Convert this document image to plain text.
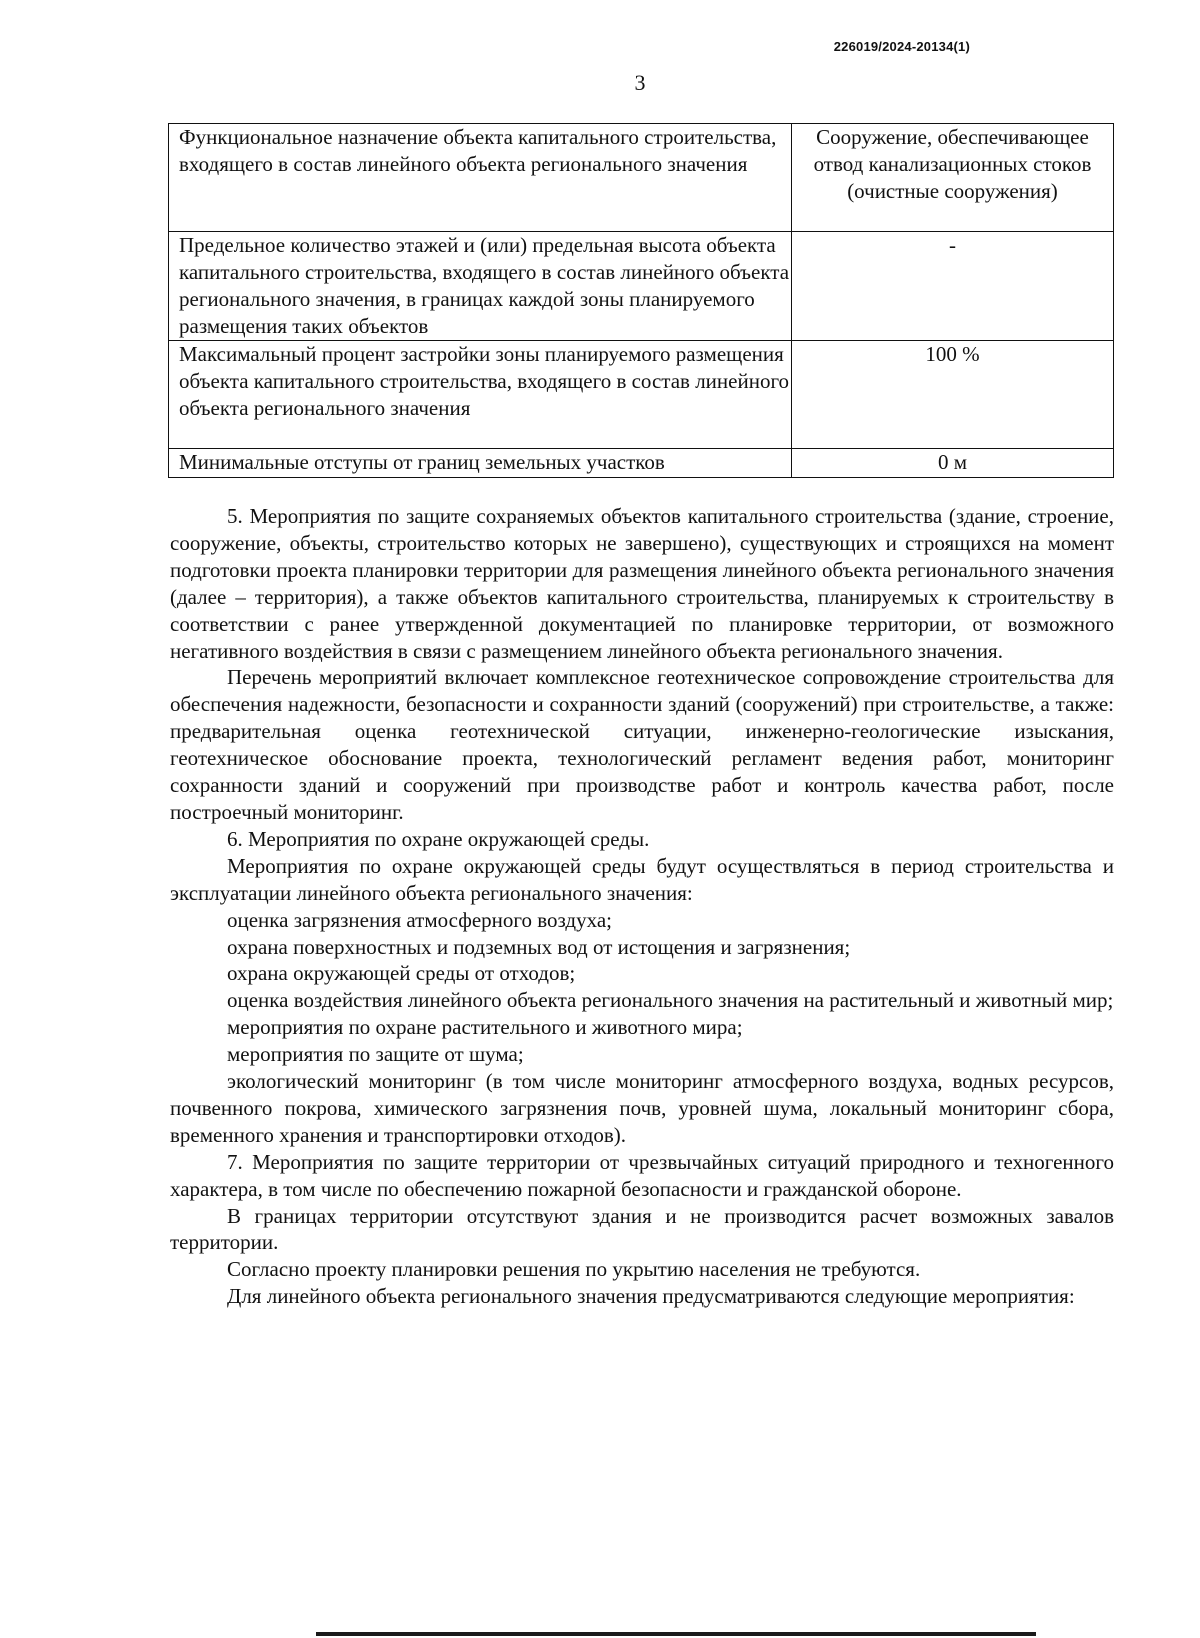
226019/2024-20134(1)
3
Функциональное назначение объекта капитального строительства, входящего в состав линейного объекта регионального значения	Сооружение, обеспечивающее отвод канализационных стоков (очистные сооружения)
Предельное количество этажей и (или) предельная высота объекта капитального строительства, входящего в состав линейного объекта регионального значения, в границах каждой зоны планируемого размещения таких объектов	-
Максимальный процент застройки зоны планируемого размещения объекта капитального строительства, входящего в состав линейного объекта регионального значения	100 %
Минимальные отступы от границ земельных участков	0 м

5. Мероприятия по защите сохраняемых объектов капитального строительства (здание, строение, сооружение, объекты, строительство которых не завершено), существующих и строящихся на момент подготовки проекта планировки территории для размещения линейного объекта регионального значения (далее – территория), а также объектов капитального строительства, планируемых к строительству в соответствии с ранее утвержденной документацией по планировке территории, от возможного негативного воздействия в связи с размещением линейного объекта регионального значения.

Перечень мероприятий включает комплексное геотехническое сопровождение строительства для обеспечения надежности, безопасности и сохранности зданий (сооружений) при строительстве, а также: предварительная оценка геотехнической ситуации, инженерно-геологические изыскания, геотехническое обоснование проекта, технологический регламент ведения работ, мониторинг сохранности зданий и сооружений при производстве работ и контроль качества работ, после построечный мониторинг.

6. Мероприятия по охране окружающей среды.

Мероприятия по охране окружающей среды будут осуществляться в период строительства и эксплуатации линейного объекта регионального значения:

оценка загрязнения атмосферного воздуха;

охрана поверхностных и подземных вод от истощения и загрязнения;

охрана окружающей среды от отходов;

оценка воздействия линейного объекта регионального значения на растительный и животный мир;

мероприятия по охране растительного и животного мира;

мероприятия по защите от шума;

экологический мониторинг (в том числе мониторинг атмосферного воздуха, водных ресурсов, почвенного покрова, химического загрязнения почв, уровней шума, локальный мониторинг сбора, временного хранения и транспортировки отходов).

7. Мероприятия по защите территории от чрезвычайных ситуаций природного и техногенного характера, в том числе по обеспечению пожарной безопасности и гражданской обороне.

В границах территории отсутствуют здания и не производится расчет возможных завалов территории.

Согласно проекту планировки решения по укрытию населения не требуются.

Для линейного объекта регионального значения предусматриваются следующие мероприятия:
